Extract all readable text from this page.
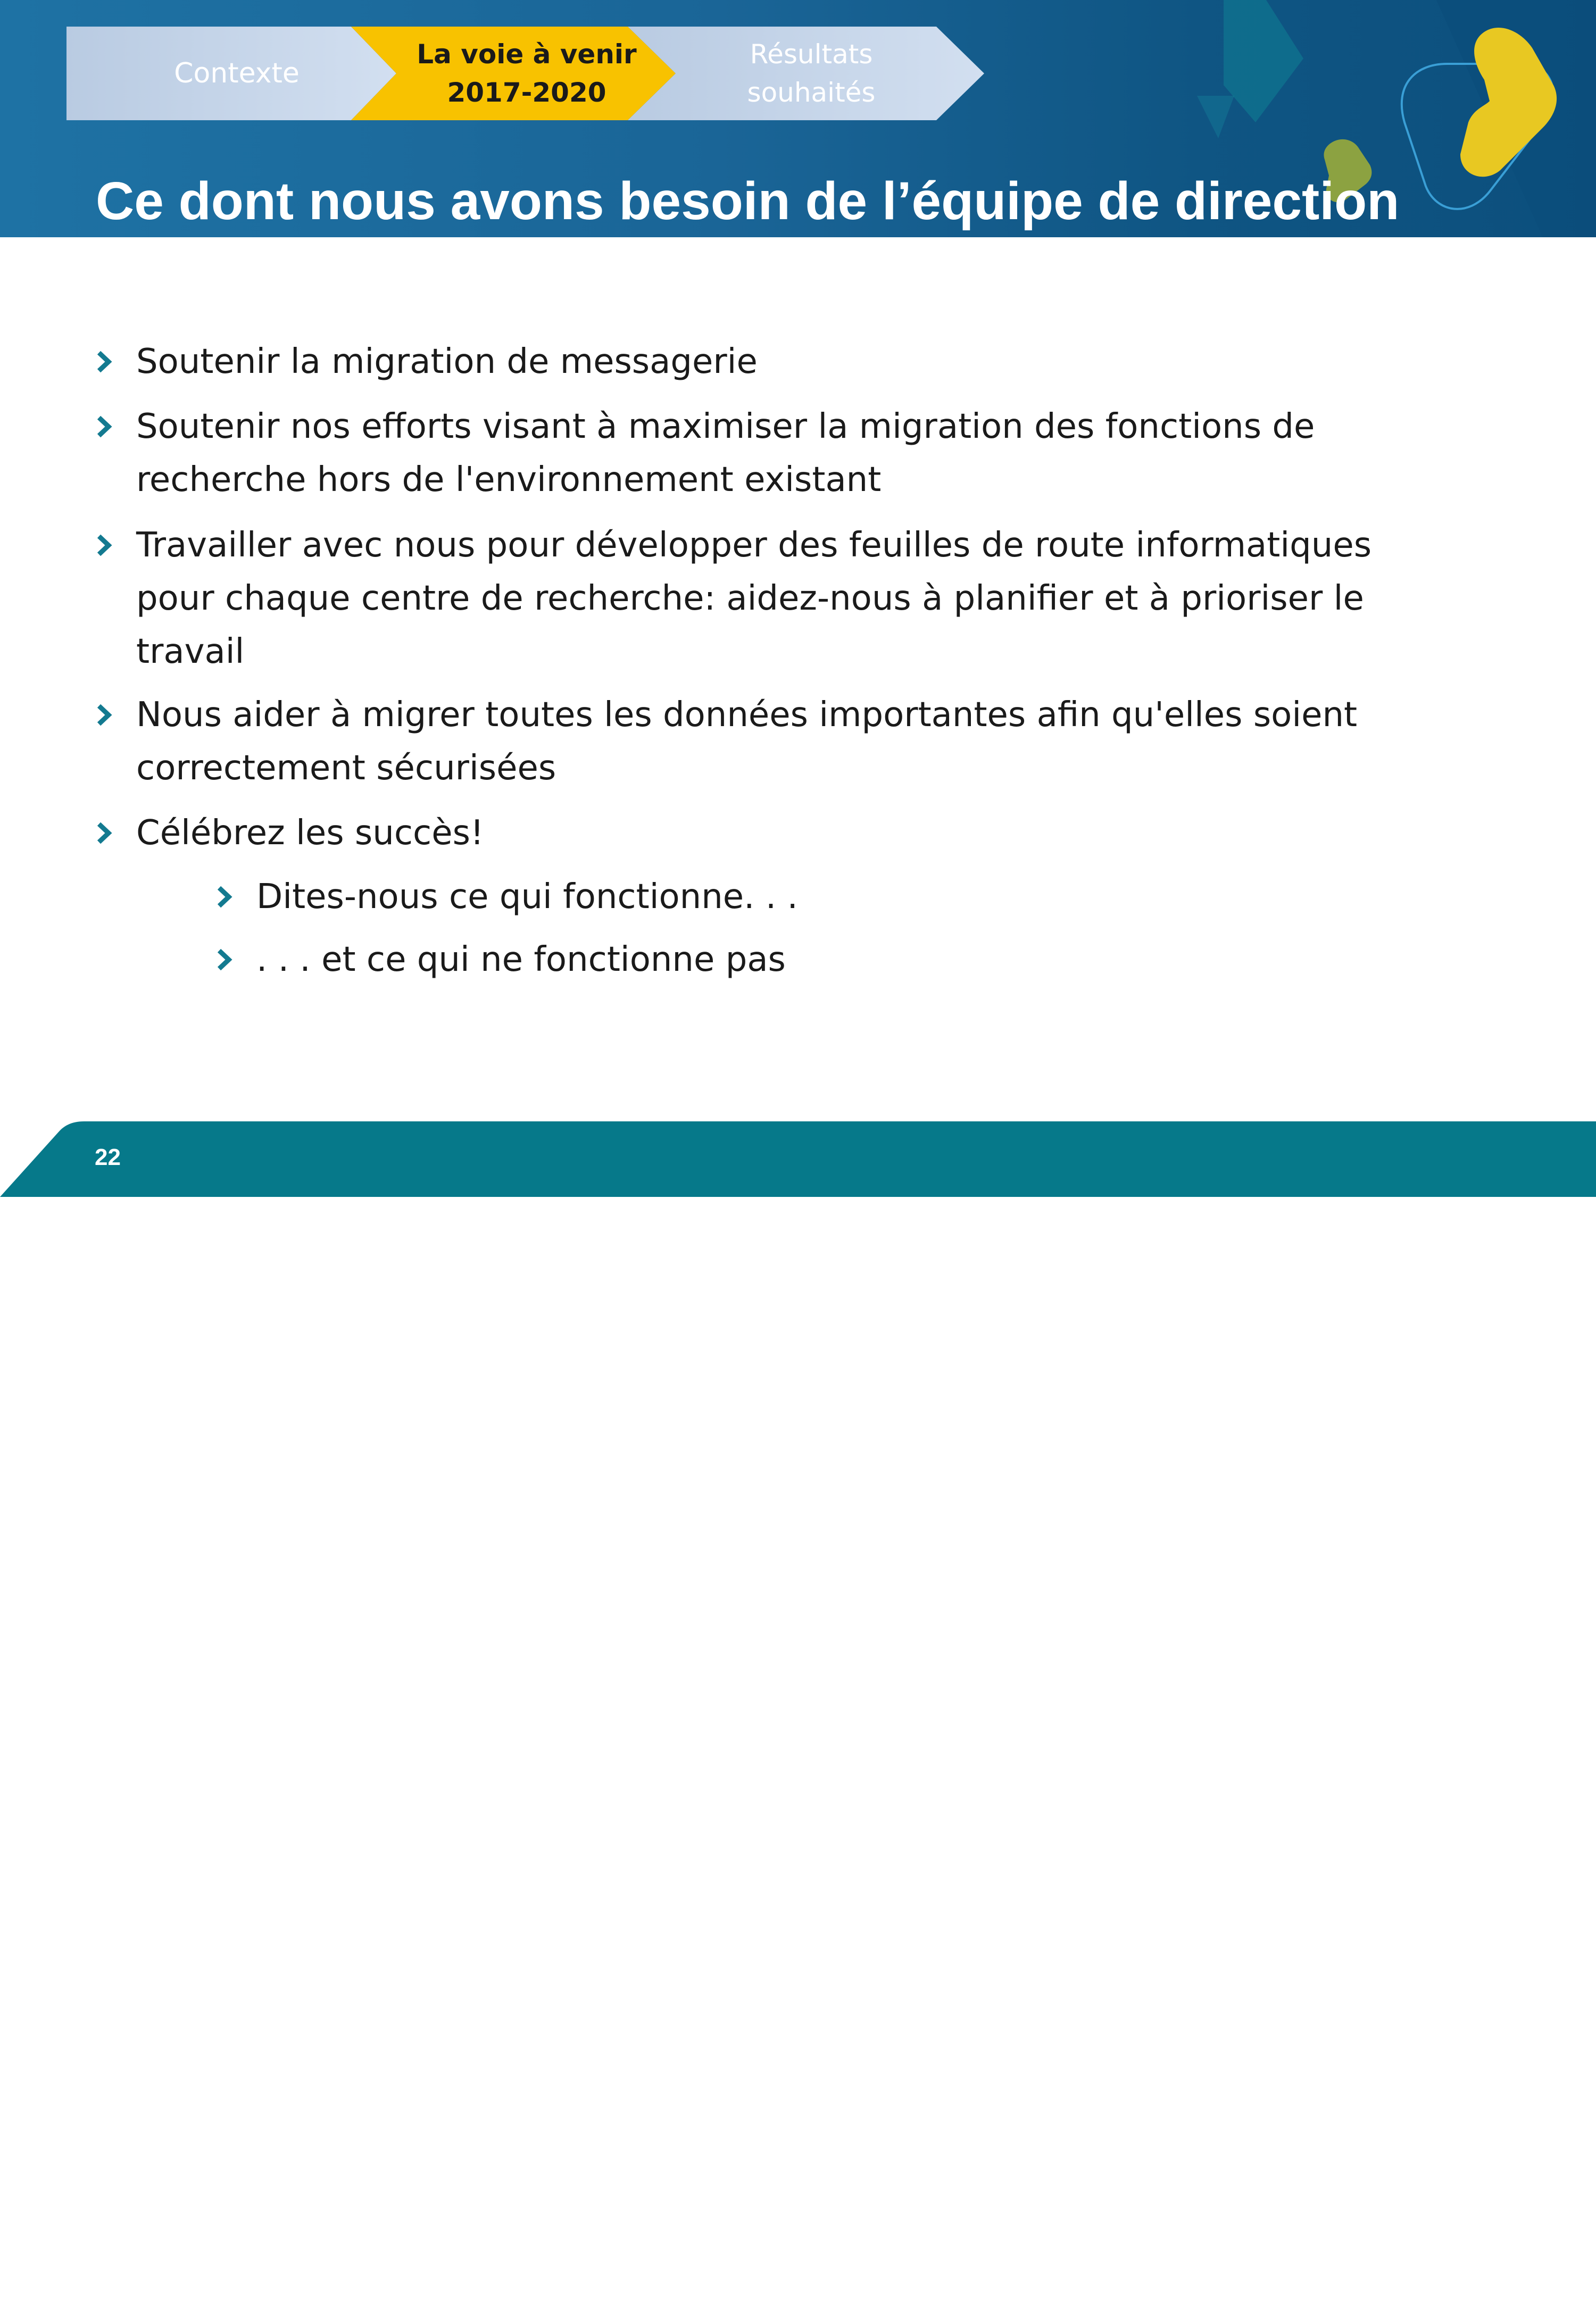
Contexte
La voie à venir
2017-2020
Résultats
souhaités
Ce dont nous avons besoin de l’équipe de direction
Soutenir la migration de messagerie
Soutenir nos efforts visant à maximiser la migration des fonctions de recherche hors de l'environnement existant
Travailler avec nous pour développer des feuilles de route informatiques pour chaque centre de recherche: aidez-nous à planifier et à prioriser le travail
Nous aider à migrer toutes les données importantes afin qu'elles soient correctement sécurisées
Célébrez les succès!
Dites-nous ce qui fonctionne. . .
. . . et ce qui ne fonctionne pas
22
